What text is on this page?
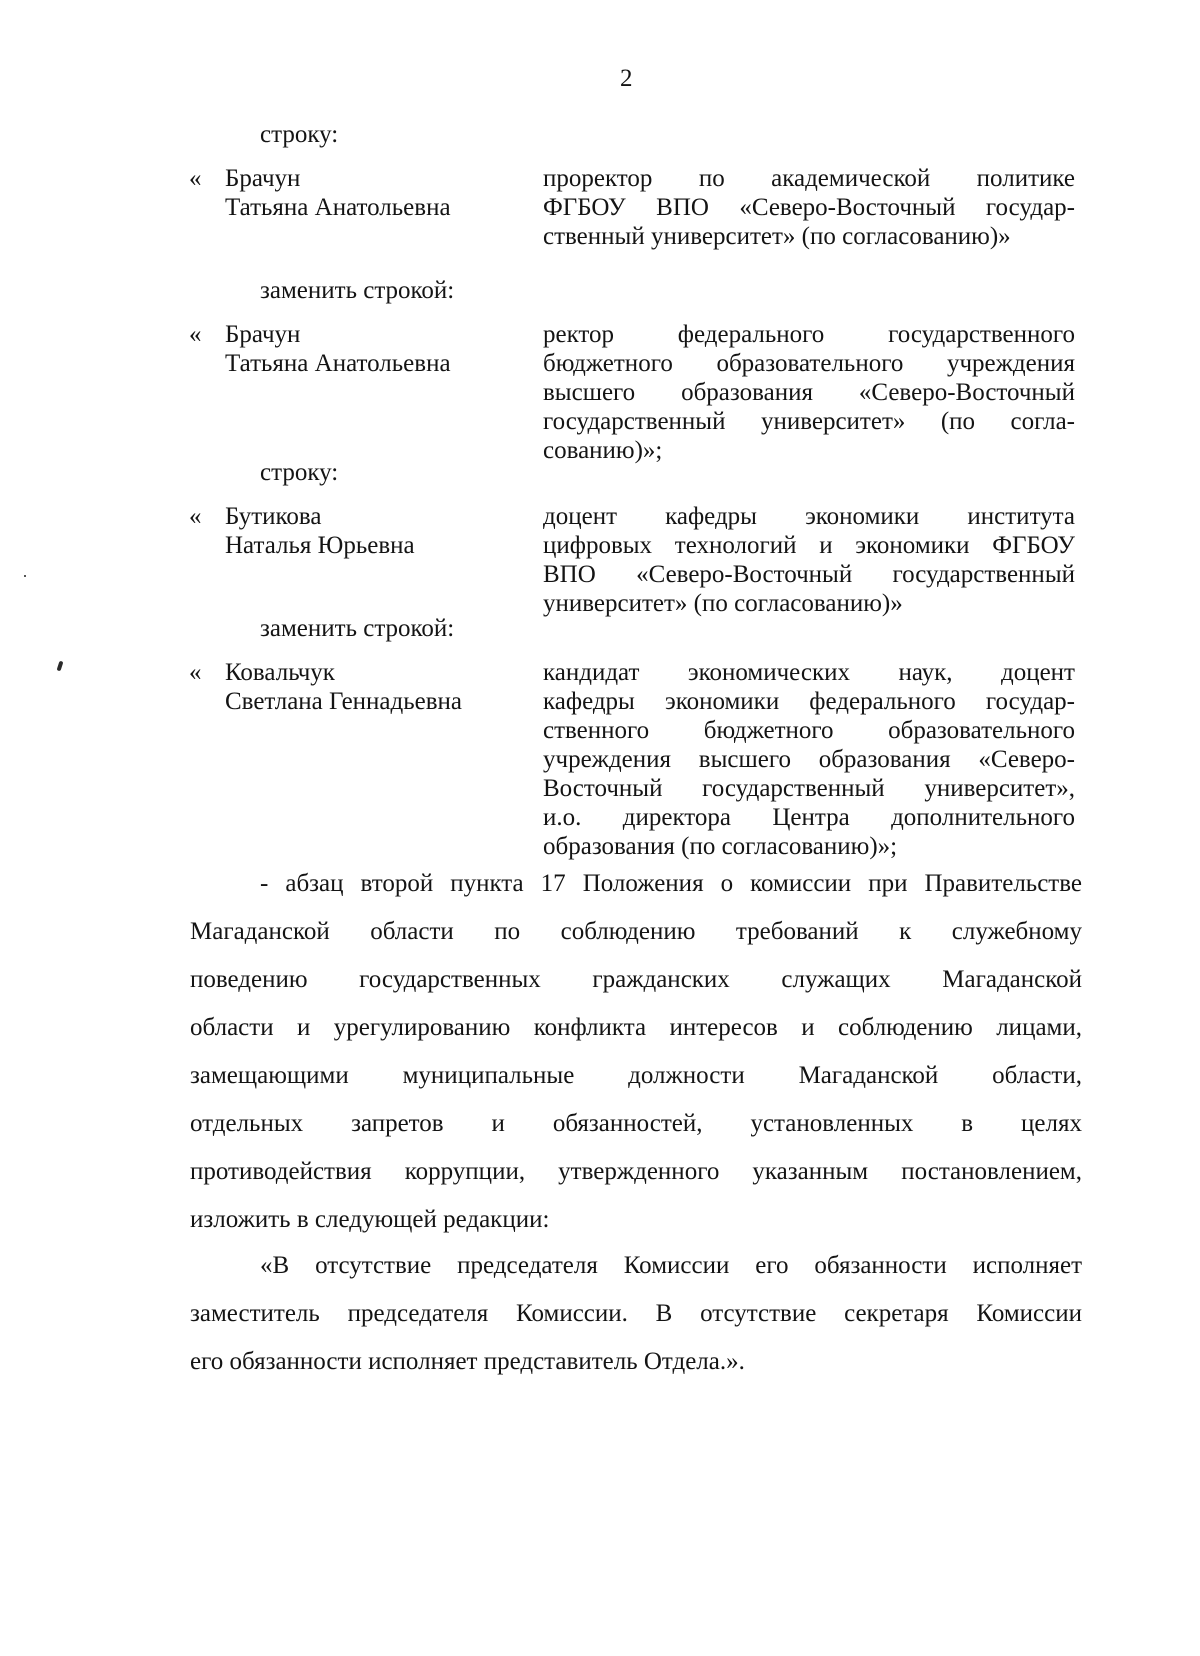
2
строку:
« Брачун
Татьяна Анатольевна
проректор по академической политике
ФГБОУ ВПО «Северо-Восточный государ-
ственный университет» (по согласованию)»
заменить строкой:
« Брачун
Татьяна Анатольевна
ректор федерального государственного
бюджетного образовательного учреждения
высшего образования «Северо-Восточный
государственный университет» (по согла-
сованию)»;
строку:
« Бутикова
Наталья Юрьевна
доцент кафедры экономики института
цифровых технологий и экономики ФГБОУ
ВПО «Северо-Восточный государственный
университет» (по согласованию)»
заменить строкой:
« Ковальчук
Светлана Геннадьевна
кандидат экономических наук, доцент
кафедры экономики федерального государ-
ственного бюджетного образовательного
учреждения высшего образования «Северо-
Восточный государственный университет»,
и.о. директора Центра дополнительного
образования (по согласованию)»;
- абзац второй пункта 17 Положения о комиссии при Правительстве
Магаданской области по соблюдению требований к служебному
поведению государственных гражданских служащих Магаданской
области и урегулированию конфликта интересов и соблюдению лицами,
замещающими муниципальные должности Магаданской области,
отдельных запретов и обязанностей, установленных в целях
противодействия коррупции, утвержденного указанным постановлением,
изложить в следующей редакции:
«В отсутствие председателя Комиссии его обязанности исполняет
заместитель председателя Комиссии. В отсутствие секретаря Комиссии
его обязанности исполняет представитель Отдела.».
